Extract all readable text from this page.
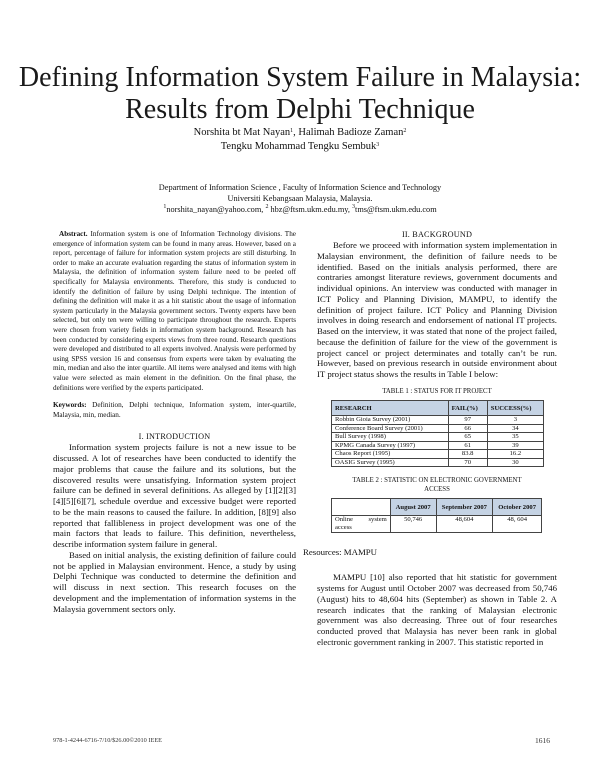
Defining Information System Failure in Malaysia:
Results from Delphi Technique
Norshita bt Mat Nayan$^1$, Halimah Badioze Zaman$^2$
Tengku Mohammad Tengku Sembuk$^3$
Department of Information Science , Faculty of Information Science and Technology
Universiti Kebangsaan Malaysia, Malaysia.
$^1$norshita_nayan@yahoo.com, $^2$ hbz@ftsm.ukm.edu.my, $^3$tms@ftsm.ukm.edu.com

Abstract. Information system is one of Information Technology divisions. The emergence of information system can be found in many areas. However, based on a report, percentage of failure for information system projects are still disturbing. In order to make an accurate evaluation regarding the status of information system in Malaysia, the definition of information system failure need to be peeled off specifically for Malaysia environments. Therefore, this study is conducted to identify the definition of failure by using Delphi technique. The intention of defining the definition will make it as a hit statistic about the usage of information system particularly in the Malaysia government sectors. Twenty experts have been selected, but only ten were willing to participate throughout the research. Experts were chosen from variety fields in information system background. Research has been conducted by considering experts views from three round. Research questions were developed and distributed to all experts involved. Analysis were performed by using SPSS version 16 and consensus from experts were taken by evaluating the min, median and also the inter quartile. All items were analysed and items with high value were selected as main element in the definition. On the final phase, the definitions were verified by the experts participated.

Keywords: Definition, Delphi technique, Information system, inter-quartile, Malaysia, min, median.

I. INTRODUCTION

Information system projects failure is not a new issue to be discussed. A lot of researches have been conducted to identify the major problems that cause the failure and its solutions, but the discovered results were unsatisfying. Information system project failure can be defined in several definitions. As alleged by [1][2][3][4][5][6][7], schedule overdue and excessive budget were reported to be the main reasons to caused the failure. In addition, [8][9] also reported that fallibleness in project development was one of the main factors that leads to failure. This definition, nevertheless, describe information system failure in general.

Based on initial analysis, the existing definition of failure could not be applied in Malaysian environment. Hence, a study by using Delphi Technique was conducted to determine the definition and will discuss in next section. This research focuses on the development and the implementation of information systems in the Malaysia government sectors only.

II. BACKGROUND

Before we proceed with information system implementation in Malaysian environment, the definition of failure needs to be identified. Based on the initials analysis performed, there are contraries amongst literature reviews, government documents and individual opinions. An interview was conducted with manager in ICT Policy and Planning Division, MAMPU, to identify the definition of project failure. ICT Policy and Planning Division involves in doing research and endorsement of national IT projects. Based on the interview, it was stated that none of the project failed, because the definition of failure for the view of the government is project cancel or project determinates and totally can’t be run. However, based on previous research in outside environment about IT project status shows the results in Table I below:

TABLE 1 : STATUS FOR IT PROJECT

RESEARCH	FAIL(%)	SUCCESS(%)
Robbin Gioia Survey (2001)	97	3
Conference Board Survey (2001)	66	34
Bull Survey (1998)	65	35
KPMG Canada Survey (1997)	61	39
Chaos Report (1995)	83.8	16.2
OASIG Survey (1995)	70	30

TABLE 2 : STATISTIC ON ELECTRONIC GOVERNMENT
ACCESS

	August 2007	September 2007	October 2007
Online system access	50,746	48,604	48, 604

Resources: MAMPU

MAMPU [10] also reported that hit statistic for government systems for August until October 2007 was decreased from 50,746 (August) hits to 48,604 hits (September) as shown in Table 2. A research indicates that the ranking of Malaysian electronic government was also decreasing. Three out of four researches conducted proved that Malaysia has never been rank in global electronic government ranking in 2007. This statistic reported in

978-1-4244-6716-7/10/$26.00©2010 IEEE	1616
